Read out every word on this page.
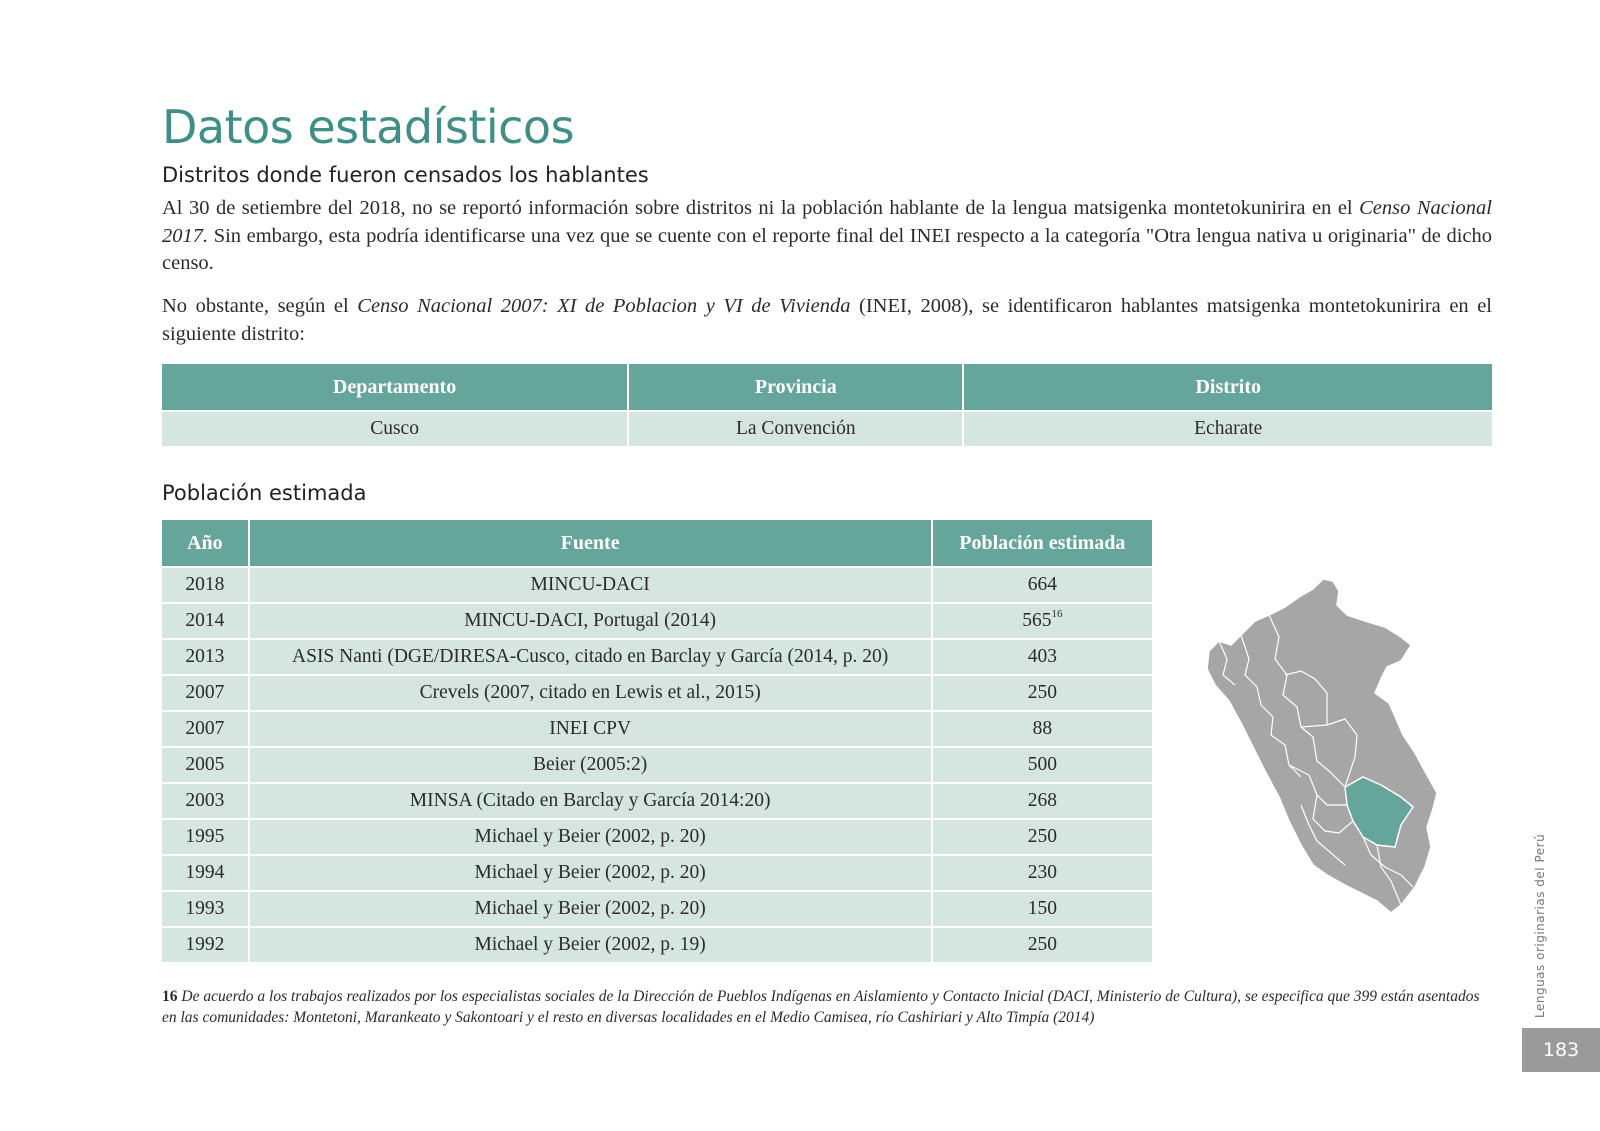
Datos estadísticos
Distritos donde fueron censados los hablantes

Al 30 de setiembre del 2018, no se reportó información sobre distritos ni la población hablante de la lengua matsigenka montetokunirira en el Censo Nacional 2017. Sin embargo, esta podría identificarse una vez que se cuente con el reporte final del INEI respecto a la categoría "Otra lengua nativa u originaria" de dicho censo.

No obstante, según el Censo Nacional 2007: XI de Poblacion y VI de Vivienda (INEI, 2008), se identificaron hablantes matsigenka montetokunirira en el siguiente distrito:

Departamento	Provincia	Distrito
Cusco	La Convención	Echarate
Población estimada
Año	Fuente	Población estimada
2018	MINCU-DACI	664
2014	MINCU-DACI, Portugal (2014)	$565^{16}$
2013	ASIS Nanti (DGE/DIRESA-Cusco, citado en Barclay y García (2014, p. 20)	403
2007	Crevels (2007, citado en Lewis et al., 2015)	250
2007	INEI CPV	88
2005	Beier (2005:2)	500
2003	MINSA (Citado en Barclay y García 2014:20)	268
1995	Michael y Beier (2002, p. 20)	250
1994	Michael y Beier (2002, p. 20)	230
1993	Michael y Beier (2002, p. 20)	150
1992	Michael y Beier (2002, p. 19)	250
16 De acuerdo a los trabajos realizados por los especialistas sociales de la Dirección de Pueblos Indígenas en Aislamiento y Contacto Inicial (DACI, Ministerio de Cultura), se especifica que 399 están asentados en las comunidades: Montetoni, Marankeato y Sakontoari y el resto en diversas localidades en el Medio Camisea, río Cashiriari y Alto Timpía (2014)	Lenguas originarias del Perú
183
